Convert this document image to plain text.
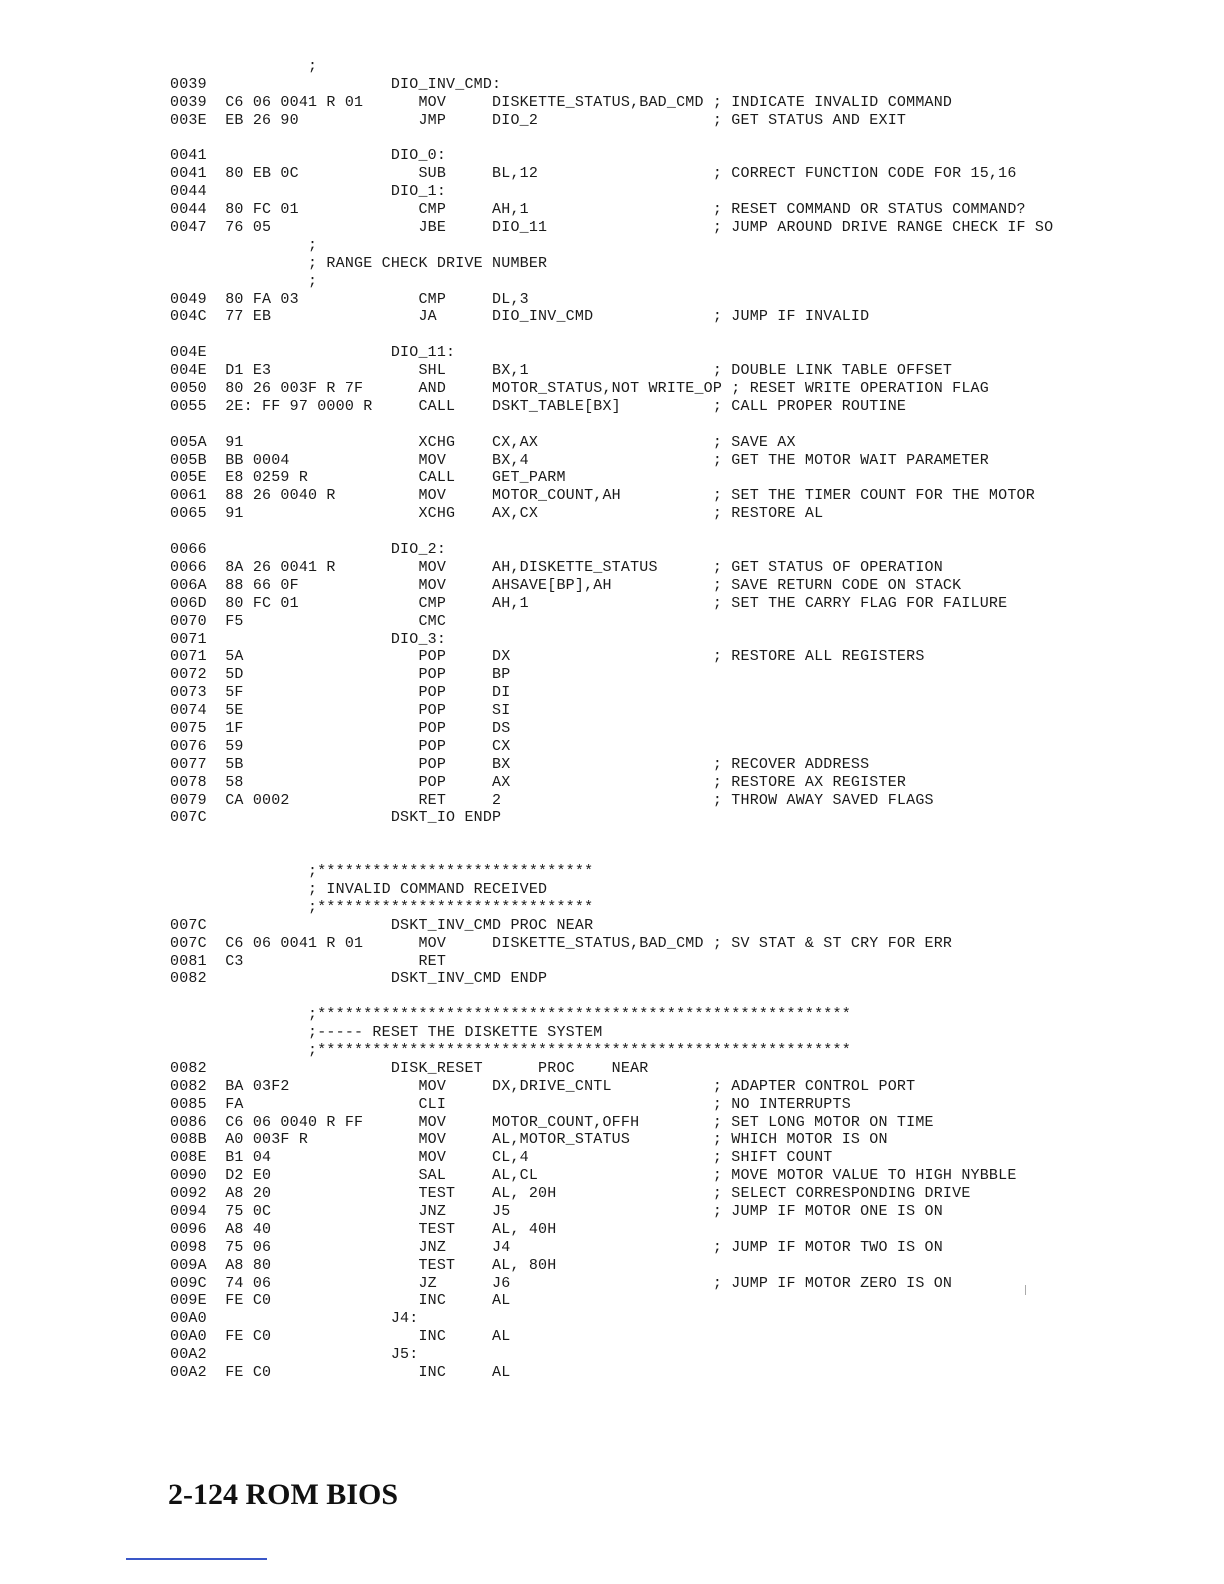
;
0039                    DIO_INV_CMD:
0039  C6 06 0041 R 01      MOV     DISKETTE_STATUS,BAD_CMD ; INDICATE INVALID COMMAND
003E  EB 26 90             JMP     DIO_2                   ; GET STATUS AND EXIT

0041                    DIO_0:
0041  80 EB 0C             SUB     BL,12                   ; CORRECT FUNCTION CODE FOR 15,16
0044                    DIO_1:
0044  80 FC 01             CMP     AH,1                    ; RESET COMMAND OR STATUS COMMAND?
0047  76 05                JBE     DIO_11                  ; JUMP AROUND DRIVE RANGE CHECK IF SO
;
; RANGE CHECK DRIVE NUMBER
;
0049  80 FA 03             CMP     DL,3
004C  77 EB                JA      DIO_INV_CMD             ; JUMP IF INVALID

004E                    DIO_11:
004E  D1 E3                SHL     BX,1                    ; DOUBLE LINK TABLE OFFSET
0050  80 26 003F R 7F      AND     MOTOR_STATUS,NOT WRITE_OP ; RESET WRITE OPERATION FLAG
0055  2E: FF 97 0000 R     CALL    DSKT_TABLE[BX]          ; CALL PROPER ROUTINE

005A  91                   XCHG    CX,AX                   ; SAVE AX
005B  BB 0004              MOV     BX,4                    ; GET THE MOTOR WAIT PARAMETER
005E  E8 0259 R            CALL    GET_PARM
0061  88 26 0040 R         MOV     MOTOR_COUNT,AH          ; SET THE TIMER COUNT FOR THE MOTOR
0065  91                   XCHG    AX,CX                   ; RESTORE AL

0066                    DIO_2:
0066  8A 26 0041 R         MOV     AH,DISKETTE_STATUS      ; GET STATUS OF OPERATION
006A  88 66 0F             MOV     AHSAVE[BP],AH           ; SAVE RETURN CODE ON STACK
006D  80 FC 01             CMP     AH,1                    ; SET THE CARRY FLAG FOR FAILURE
0070  F5                   CMC
0071                    DIO_3:
0071  5A                   POP     DX                      ; RESTORE ALL REGISTERS
0072  5D                   POP     BP
0073  5F                   POP     DI
0074  5E                   POP     SI
0075  1F                   POP     DS
0076  59                   POP     CX
0077  5B                   POP     BX                      ; RECOVER ADDRESS
0078  58                   POP     AX                      ; RESTORE AX REGISTER
0079  CA 0002              RET     2                       ; THROW AWAY SAVED FLAGS
007C                    DSKT_IO ENDP

;******************************
; INVALID COMMAND RECEIVED
;******************************
007C                    DSKT_INV_CMD PROC NEAR
007C  C6 06 0041 R 01      MOV     DISKETTE_STATUS,BAD_CMD ; SV STAT & ST CRY FOR ERR
0081  C3                   RET
0082                    DSKT_INV_CMD ENDP

;**********************************************************
;----- RESET THE DISKETTE SYSTEM
;**********************************************************
0082                    DISK_RESET      PROC    NEAR
0082  BA 03F2              MOV     DX,DRIVE_CNTL           ; ADAPTER CONTROL PORT
0085  FA                   CLI                             ; NO INTERRUPTS
0086  C6 06 0040 R FF      MOV     MOTOR_COUNT,OFFH        ; SET LONG MOTOR ON TIME
008B  A0 003F R            MOV     AL,MOTOR_STATUS         ; WHICH MOTOR IS ON
008E  B1 04                MOV     CL,4                    ; SHIFT COUNT
0090  D2 E0                SAL     AL,CL                   ; MOVE MOTOR VALUE TO HIGH NYBBLE
0092  A8 20                TEST    AL, 20H                 ; SELECT CORRESPONDING DRIVE
0094  75 0C                JNZ     J5                      ; JUMP IF MOTOR ONE IS ON
0096  A8 40                TEST    AL, 40H
0098  75 06                JNZ     J4                      ; JUMP IF MOTOR TWO IS ON
009A  A8 80                TEST    AL, 80H
009C  74 06                JZ      J6                      ; JUMP IF MOTOR ZERO IS ON
009E  FE C0                INC     AL
00A0                    J4:
00A0  FE C0                INC     AL
00A2                    J5:
00A2  FE C0                INC     AL
2-124 ROM BIOS
